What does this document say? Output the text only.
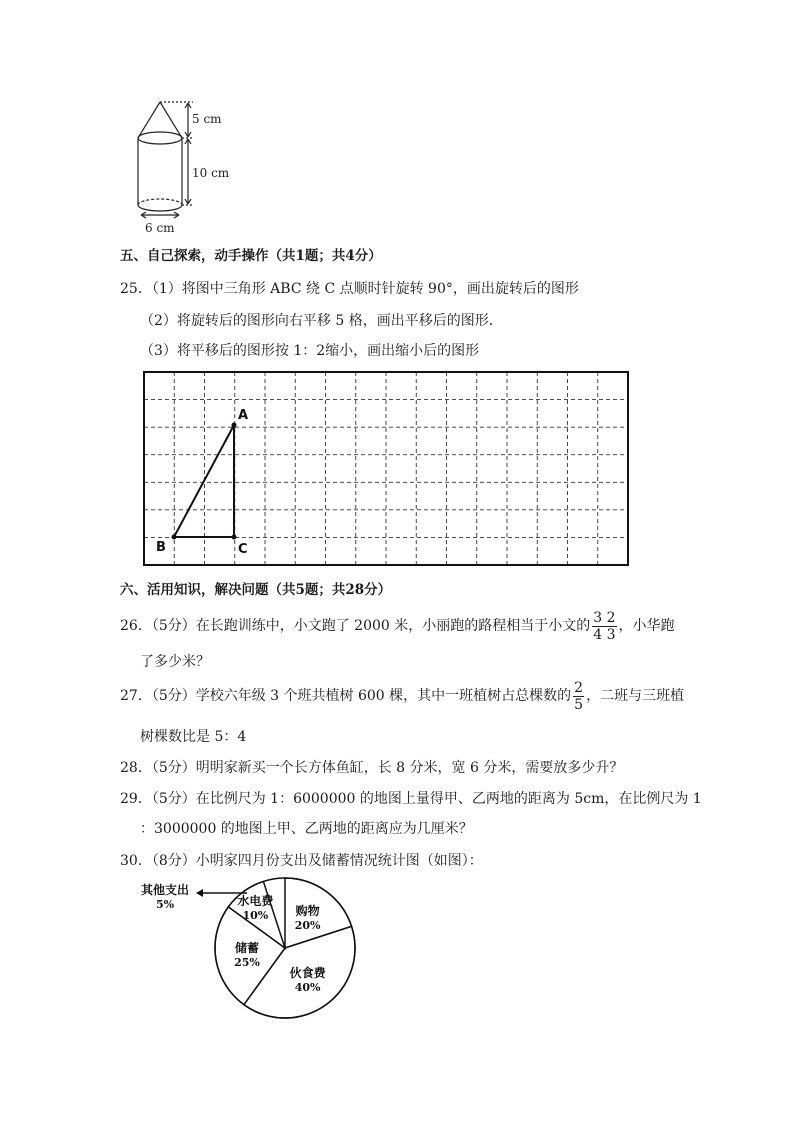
5 cm
10 cm
6 cm
五、自己探索，动手操作（共1题；共4分）
25．（1）将图中三角形 ABC 绕 C 点顺时针旋转 90°，画出旋转后的图形
（2）将旋转后的图形向右平移 5 格，画出平移后的图形．
（3）将平移后的图形按 1：2缩小，画出缩小后的图形
A
B	C
六、活用知识，解决问题（共5题；共28分）
26．（5分）在长跑训练中，小文跑了 2000 米，小丽跑的路程相当于小文的 $\frac{3 2}{4 3}$ ，小华跑
了多少米？
27．（5分）学校六年级 3 个班共植树 600 棵，其中一班植树占总棵数的 $\frac{2}{5}$ ，二班与三班植
树棵数比是 5：4
28．（5分）明明家新买一个长方体鱼缸，长 8 分米，宽 6 分米，需要放多少升？
29．（5分）在比例尺为 1：6000000 的地图上量得甲、乙两地的距离为 5cm，在比例尺为 1
：3000000 的地图上甲、乙两地的距离应为几厘米？
30．（8分）小明家四月份支出及储蓄情况统计图（如图）：
购物
20%
伙食费
40%
储蓄
25%
水电费
10%
其他支出
5%
